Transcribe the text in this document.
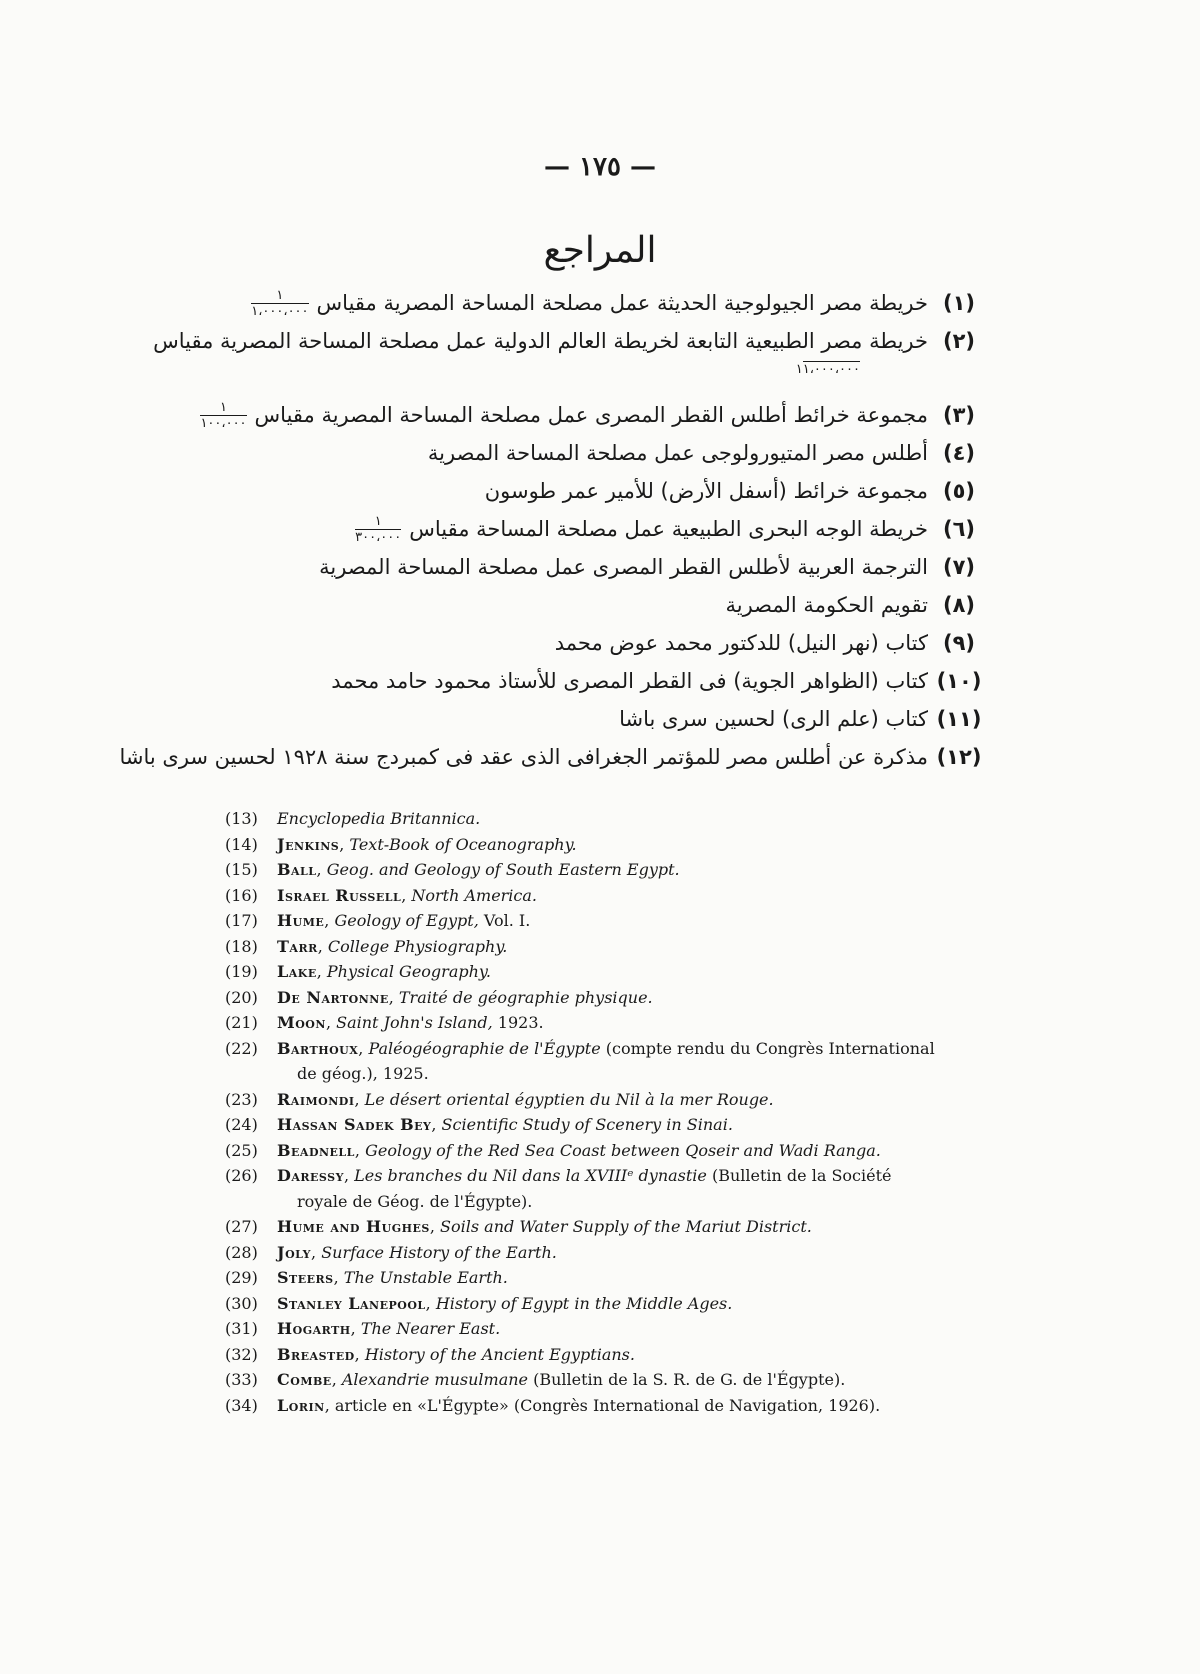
— ١٧٥ —
المراجع
(١)خريطة مصر الجيولوجية الحديثة عمل مصلحة المساحة المصرية مقياس
$\frac{١}{١،٠٠٠،٠٠٠}$
(٢)خريطة مصر الطبيعية التابعة لخريطة العالم الدولية عمل مصلحة المساحة المصرية مقياس
١١،٠٠٠،٠٠٠
(٣)مجموعة خرائط أطلس القطر المصرى عمل مصلحة المساحة المصرية مقياس
$\frac{١}{١٠٠،٠٠٠}$
(٤)أطلس مصر المتيورولوجى عمل مصلحة المساحة المصرية
(٥)مجموعة خرائط (أسفل الأرض) للأمير عمر طوسون
(٦)خريطة الوجه البحرى الطبيعية عمل مصلحة المساحة مقياس
$\frac{١}{٣٠٠،٠٠٠}$
(٧)الترجمة العربية لأطلس القطر المصرى عمل مصلحة المساحة المصرية
(٨)تقويم الحكومة المصرية
(٩)كتاب (نهر النيل) للدكتور محمد عوض محمد
(١٠)كتاب (الظواهر الجوية) فى القطر المصرى للأستاذ محمود حامد محمد
(١١)كتاب (علم الرى) لحسين سرى باشا
(١٢)مذكرة عن أطلس مصر للمؤتمر الجغرافى الذى عقد فى كمبردج سنة ١٩٢٨ لحسين سرى باشا
(13)	Encyclopedia Britannica.
(14)	Jenkins, Text-Book of Oceanography.
(15)	Ball, Geog. and Geology of South Eastern Egypt.
(16)	Israel Russell, North America.
(17)	Hume, Geology of Egypt, Vol. I.
(18)	Tarr, College Physiography.
(19)	Lake, Physical Geography.
(20)	De Nartonne, Traité de géographie physique.
(21)	Moon, Saint John's Island, 1923.
(22)	Barthoux, Paléogéographie de l'Égypte (compte rendu du Congrès International
de géog.), 1925.
(23)	Raimondi, Le désert oriental égyptien du Nil à la mer Rouge.
(24)	Hassan Sadek Bey, Scientific Study of Scenery in Sinai.
(25)	Beadnell, Geology of the Red Sea Coast between Qoseir and Wadi Ranga.
(26)	Daressy, Les branches du Nil dans la XVIIIᵉ dynastie (Bulletin de la Société
royale de Géog. de l'Égypte).
(27)	Hume and Hughes, Soils and Water Supply of the Mariut District.
(28)	Joly, Surface History of the Earth.
(29)	Steers, The Unstable Earth.
(30)	Stanley Lanepool, History of Egypt in the Middle Ages.
(31)	Hogarth, The Nearer East.
(32)	Breasted, History of the Ancient Egyptians.
(33)	Combe, Alexandrie musulmane (Bulletin de la S. R. de G. de l'Égypte).
(34)	Lorin, article en «L'Égypte» (Congrès International de Navigation, 1926).
